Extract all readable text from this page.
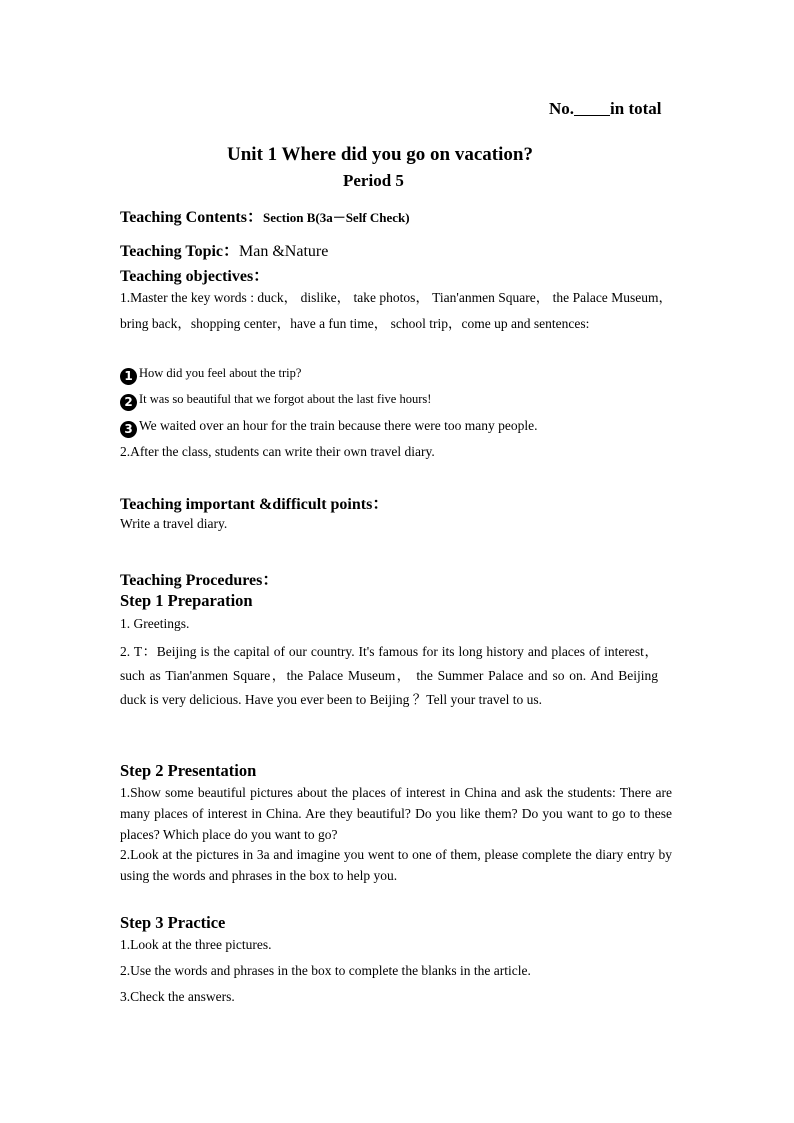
No. in total
Unit 1 Where did you go on vacation?
Period 5
Teaching Contents：Section B(3a－Self Check)
Teaching Topic：Man &Nature
Teaching objectives：
1.Master the key words : duck， dislike， take photos， Tian'anmen Square， the Palace Museum， bring back，shopping center，have a fun time， school trip，come up and sentences:
1 How did you feel about the trip?
2 It was so beautiful that we forgot about the last five hours!
3 We waited over an hour for the train because there were too many people.
2.After the class, students can write their own travel diary.
Teaching important &difficult points：
Write a travel diary.
Teaching Procedures：
Step 1 Preparation
1. Greetings.
2. T：Beijing is the capital of our country. It's famous for its long history and places of interest， such as Tian'anmen Square，the Palace Museum， the Summer Palace and so on. And Beijing duck is very delicious. Have you ever been to Beijing ？Tell your travel to us.
Step 2 Presentation
1.Show some beautiful pictures about the places of interest in China and ask the students: There are many places of interest in China. Are they beautiful? Do you like them? Do you want to go to these places? Which place do you want to go?
2.Look at the pictures in 3a and imagine you went to one of them, please complete the diary entry by using the words and phrases in the box to help you.
Step 3 Practice
1.Look at the three pictures.
2.Use the words and phrases in the box to complete the blanks in the article.
3.Check the answers.
